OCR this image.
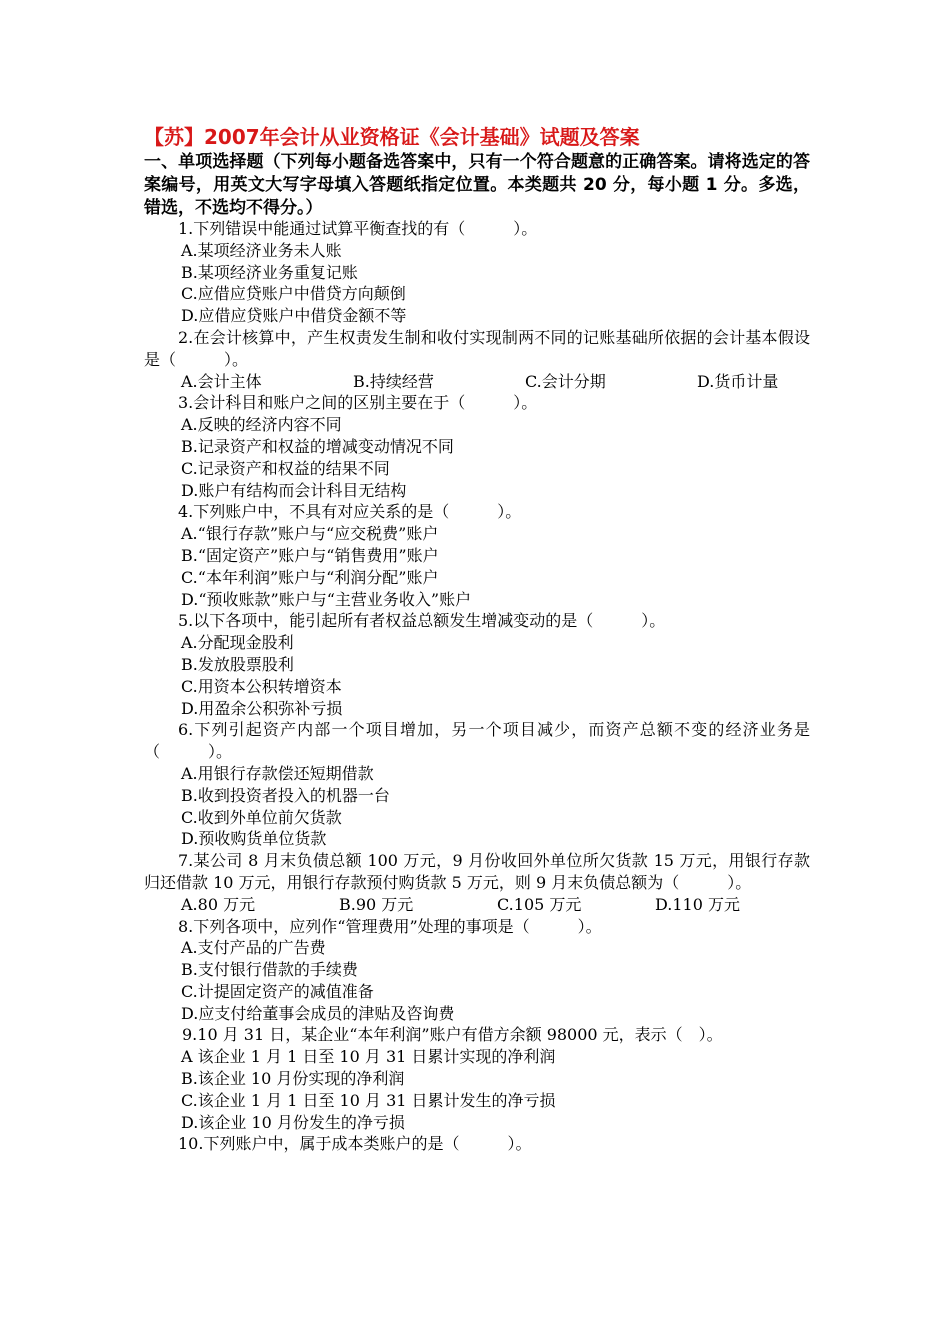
【苏】2007年会计从业资格证《会计基础》试题及答案
一、单项选择题（下列每小题备选答案中，只有一个符合题意的正确答案。请将选定的答案编号，用英文大写字母填入答题纸指定位置。本类题共 20 分，每小题 1 分。多选，错选，不选均不得分。）
1.下列错误中能通过试算平衡查找的有（　　　）。
A.某项经济业务未人账
B.某项经济业务重复记账
C.应借应贷账户中借贷方向颠倒
D.应借应贷账户中借贷金额不等
2.在会计核算中，产生权责发生制和收付实现制两不同的记账基础所依据的会计基本假设是（　　　）。
A.会计主体	B.持续经营	C.会计分期	D.货币计量
3.会计科目和账户之间的区别主要在于（　　　）。
A.反映的经济内容不同
B.记录资产和权益的增减变动情况不同
C.记录资产和权益的结果不同
D.账户有结构而会计科目无结构
4.下列账户中，不具有对应关系的是（　　　）。
A.“银行存款”账户与“应交税费”账户
B.“固定资产”账户与“销售费用”账户
C.“本年利润”账户与“利润分配”账户
D.“预收账款”账户与“主营业务收入”账户
5.以下各项中，能引起所有者权益总额发生增减变动的是（　　　）。
A.分配现金股利
B.发放股票股利
C.用资本公积转增资本
D.用盈余公积弥补亏损
6.下列引起资产内部一个项目增加，另一个项目减少，而资产总额不变的经济业务是（　　　）。
A.用银行存款偿还短期借款
B.收到投资者投入的机器一台
C.收到外单位前欠货款
D.预收购货单位货款
7.某公司 8 月末负债总额 100 万元，9 月份收回外单位所欠货款 15 万元，用银行存款归还借款 10 万元，用银行存款预付购货款 5 万元，则 9 月末负债总额为（　　　）。
A.80 万元	B.90 万元	C.105 万元	D.110 万元
8.下列各项中，应列作“管理费用”处理的事项是（　　　）。
A.支付产品的广告费
B.支付银行借款的手续费
C.计提固定资产的减值准备
D.应支付给董事会成员的津贴及咨询费
9.10 月 31 日，某企业“本年利润”账户有借方余额 98000 元，表示（　）。
A 该企业 1 月 1 日至 10 月 31 日累计实现的净利润
B.该企业 10 月份实现的净利润
C.该企业 1 月 1 日至 10 月 31 日累计发生的净亏损
D.该企业 10 月份发生的净亏损
10.下列账户中，属于成本类账户的是（　　　）。
